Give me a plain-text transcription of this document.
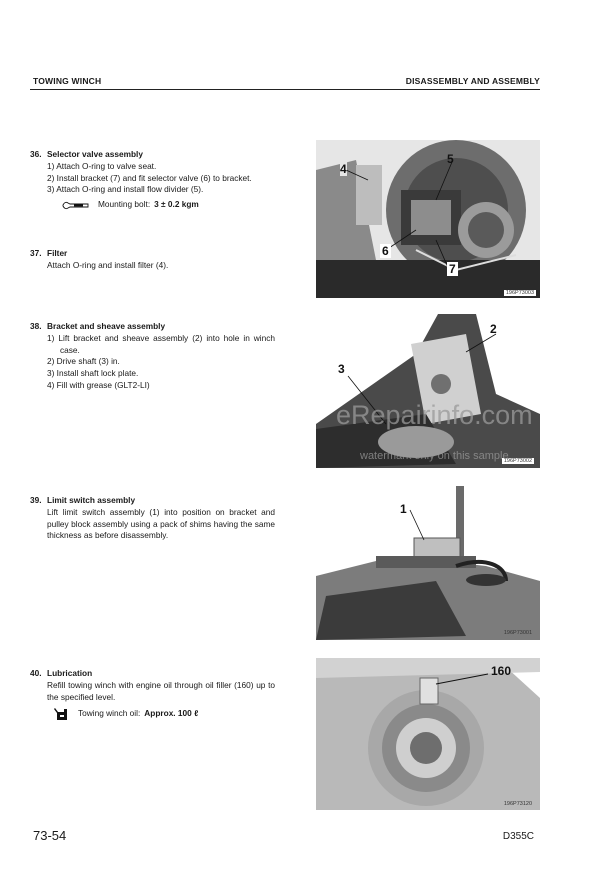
TOWING WINCH	DISASSEMBLY AND ASSEMBLY
36. Selector valve assembly
1) Attach O-ring to valve seat.
2) Install bracket (7) and fit selector valve (6) to bracket.
3) Attach O-ring and install flow divider (5).
Mounting bolt: 3 ± 0.2 kgm
37. Filter
Attach O-ring and install filter (4).
38. Bracket and sheave assembly
1) Lift bracket and sheave assembly (2) into hole in winch case.
2) Drive shaft (3) in.
3) Install shaft lock plate.
4) Fill with grease (GLT2-LI)
39. Limit switch assembly
Lift limit switch assembly (1) into position on bracket and pulley block assembly using a pack of shims having the same thickness as before disassembly.
40. Lubrication
Refill towing winch with engine oil through oil filler (160) up to the specified level.
Towing winch oil: Approx. 100 ℓ
4
5
6
7
196P73003
2
3
196P73002
1
196P73001
160
196P73120
eRepairinfo.com
watermark only on this sample
73-54	D355C
